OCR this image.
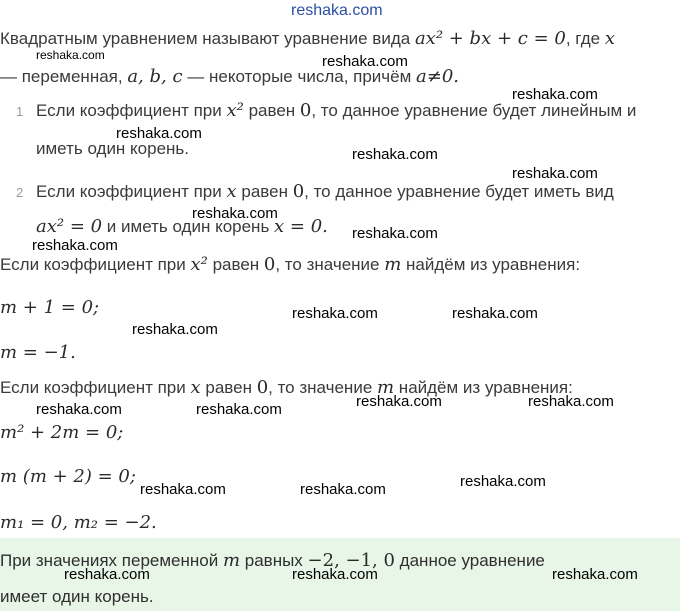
reshaka.com
Квадратным уравнением называют уравнение вида ax² + bx + c = 0, где x
— переменная, a, b, c — некоторые числа, причём a≠0.
1 Если коэффициент при x² равен 0, то данное уравнение будет линейным и
иметь один корень.
2 Если коэффициент при x равен 0, то данное уравнение будет иметь вид
ax² = 0 и иметь один корень x = 0.
Если коэффициент при x² равен 0, то значение m найдём из уравнения:
m + 1 = 0;
m = −1.
Если коэффициент при x равен 0, то значение m найдём из уравнения:
m² + 2m = 0;
m (m + 2) = 0;
m₁ = 0, m₂ = −2.
При значениях переменной m равных −2, −1, 0 данное уравнение
имеет один корень.
reshaka.com	reshaka.com
reshaka.com
reshaka.com
reshaka.com
reshaka.com
reshaka.com
reshaka.com
reshaka.com
reshaka.com	reshaka.com
reshaka.com
reshaka.com	reshaka.com
reshaka.com	reshaka.com
reshaka.com
reshaka.com	reshaka.com
reshaka.com	reshaka.com	reshaka.com
